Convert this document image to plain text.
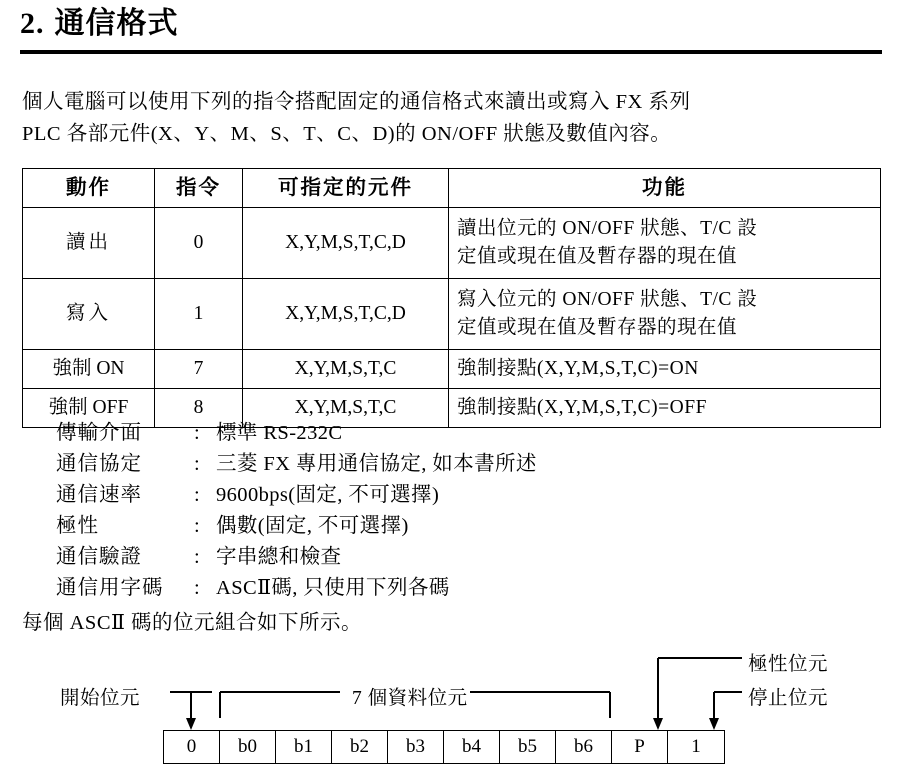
2. 通信格式

個人電腦可以使用下列的指令搭配固定的通信格式來讀出或寫入 FX 系列

PLC 各部元件(X、Y、M、S、T、C、D)的 ON/OFF 狀態及數值內容。

動作	指令	可指定的元件	功能
讀出	0	X,Y,M,S,T,C,D	讀出位元的 ON/OFF 狀態、T/C 設
定值或現在值及暫存器的現在值

寫入	1	X,Y,M,S,T,C,D	寫入位元的 ON/OFF 狀態、T/C 設
定值或現在值及暫存器的現在值

強制 ON	7	X,Y,M,S,T,C	強制接點(X,Y,M,S,T,C)=ON
強制 OFF	8	X,Y,M,S,T,C	強制接點(X,Y,M,S,T,C)=OFF
傳輸介面	: 標準 RS-232C
通信協定	: 三菱 FX 專用通信協定, 如本書所述
通信速率	: 9600bps(固定, 不可選擇)
極性	: 偶數(固定, 不可選擇)
通信驗證	: 字串總和檢查
通信用字碼	: ASCⅡ碼, 只使用下列各碼
每個 ASCⅡ 碼的位元組合如下所示。
開始位元	7 個資料位元
極性位元
停止位元
0	b0	b1	b2	b3	b4	b5	b6	P	1
